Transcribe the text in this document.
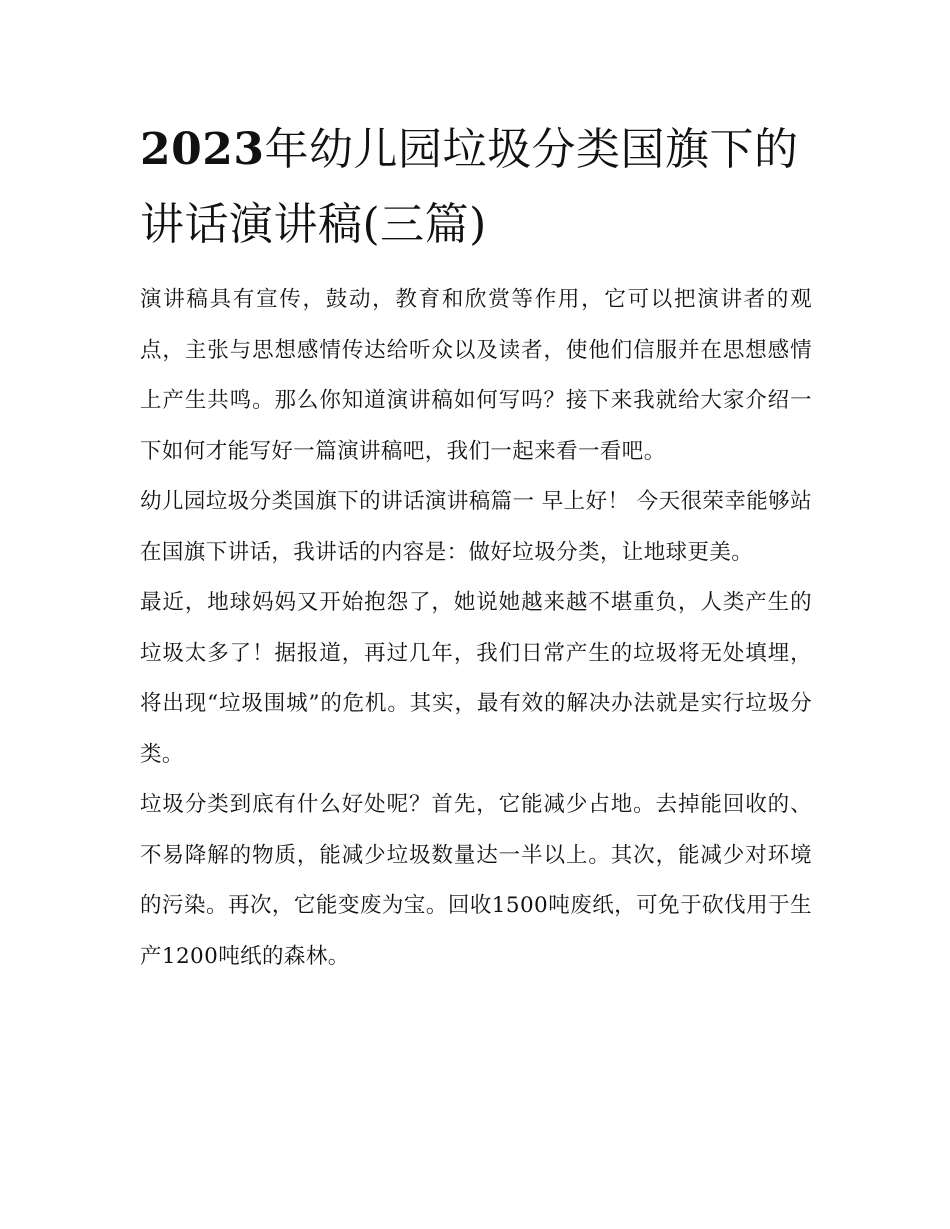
2023年幼儿园垃圾分类国旗下的讲话演讲稿(三篇)

演讲稿具有宣传，鼓动，教育和欣赏等作用，它可以把演讲者的观点，主张与思想感情传达给听众以及读者，使他们信服并在思想感情上产生共鸣。那么你知道演讲稿如何写吗？接下来我就给大家介绍一下如何才能写好一篇演讲稿吧，我们一起来看一看吧。

幼儿园垃圾分类国旗下的讲话演讲稿篇一 早上好！ 今天很荣幸能够站在国旗下讲话，我讲话的内容是：做好垃圾分类，让地球更美。

最近，地球妈妈又开始抱怨了，她说她越来越不堪重负，人类产生的垃圾太多了！据报道，再过几年，我们日常产生的垃圾将无处填埋，将出现“垃圾围城”的危机。其实，最有效的解决办法就是实行垃圾分类。

垃圾分类到底有什么好处呢？首先，它能减少占地。去掉能回收的、不易降解的物质，能减少垃圾数量达一半以上。其次，能减少对环境的污染。再次，它能变废为宝。回收1500吨废纸，可免于砍伐用于生产1200吨纸的森林。
